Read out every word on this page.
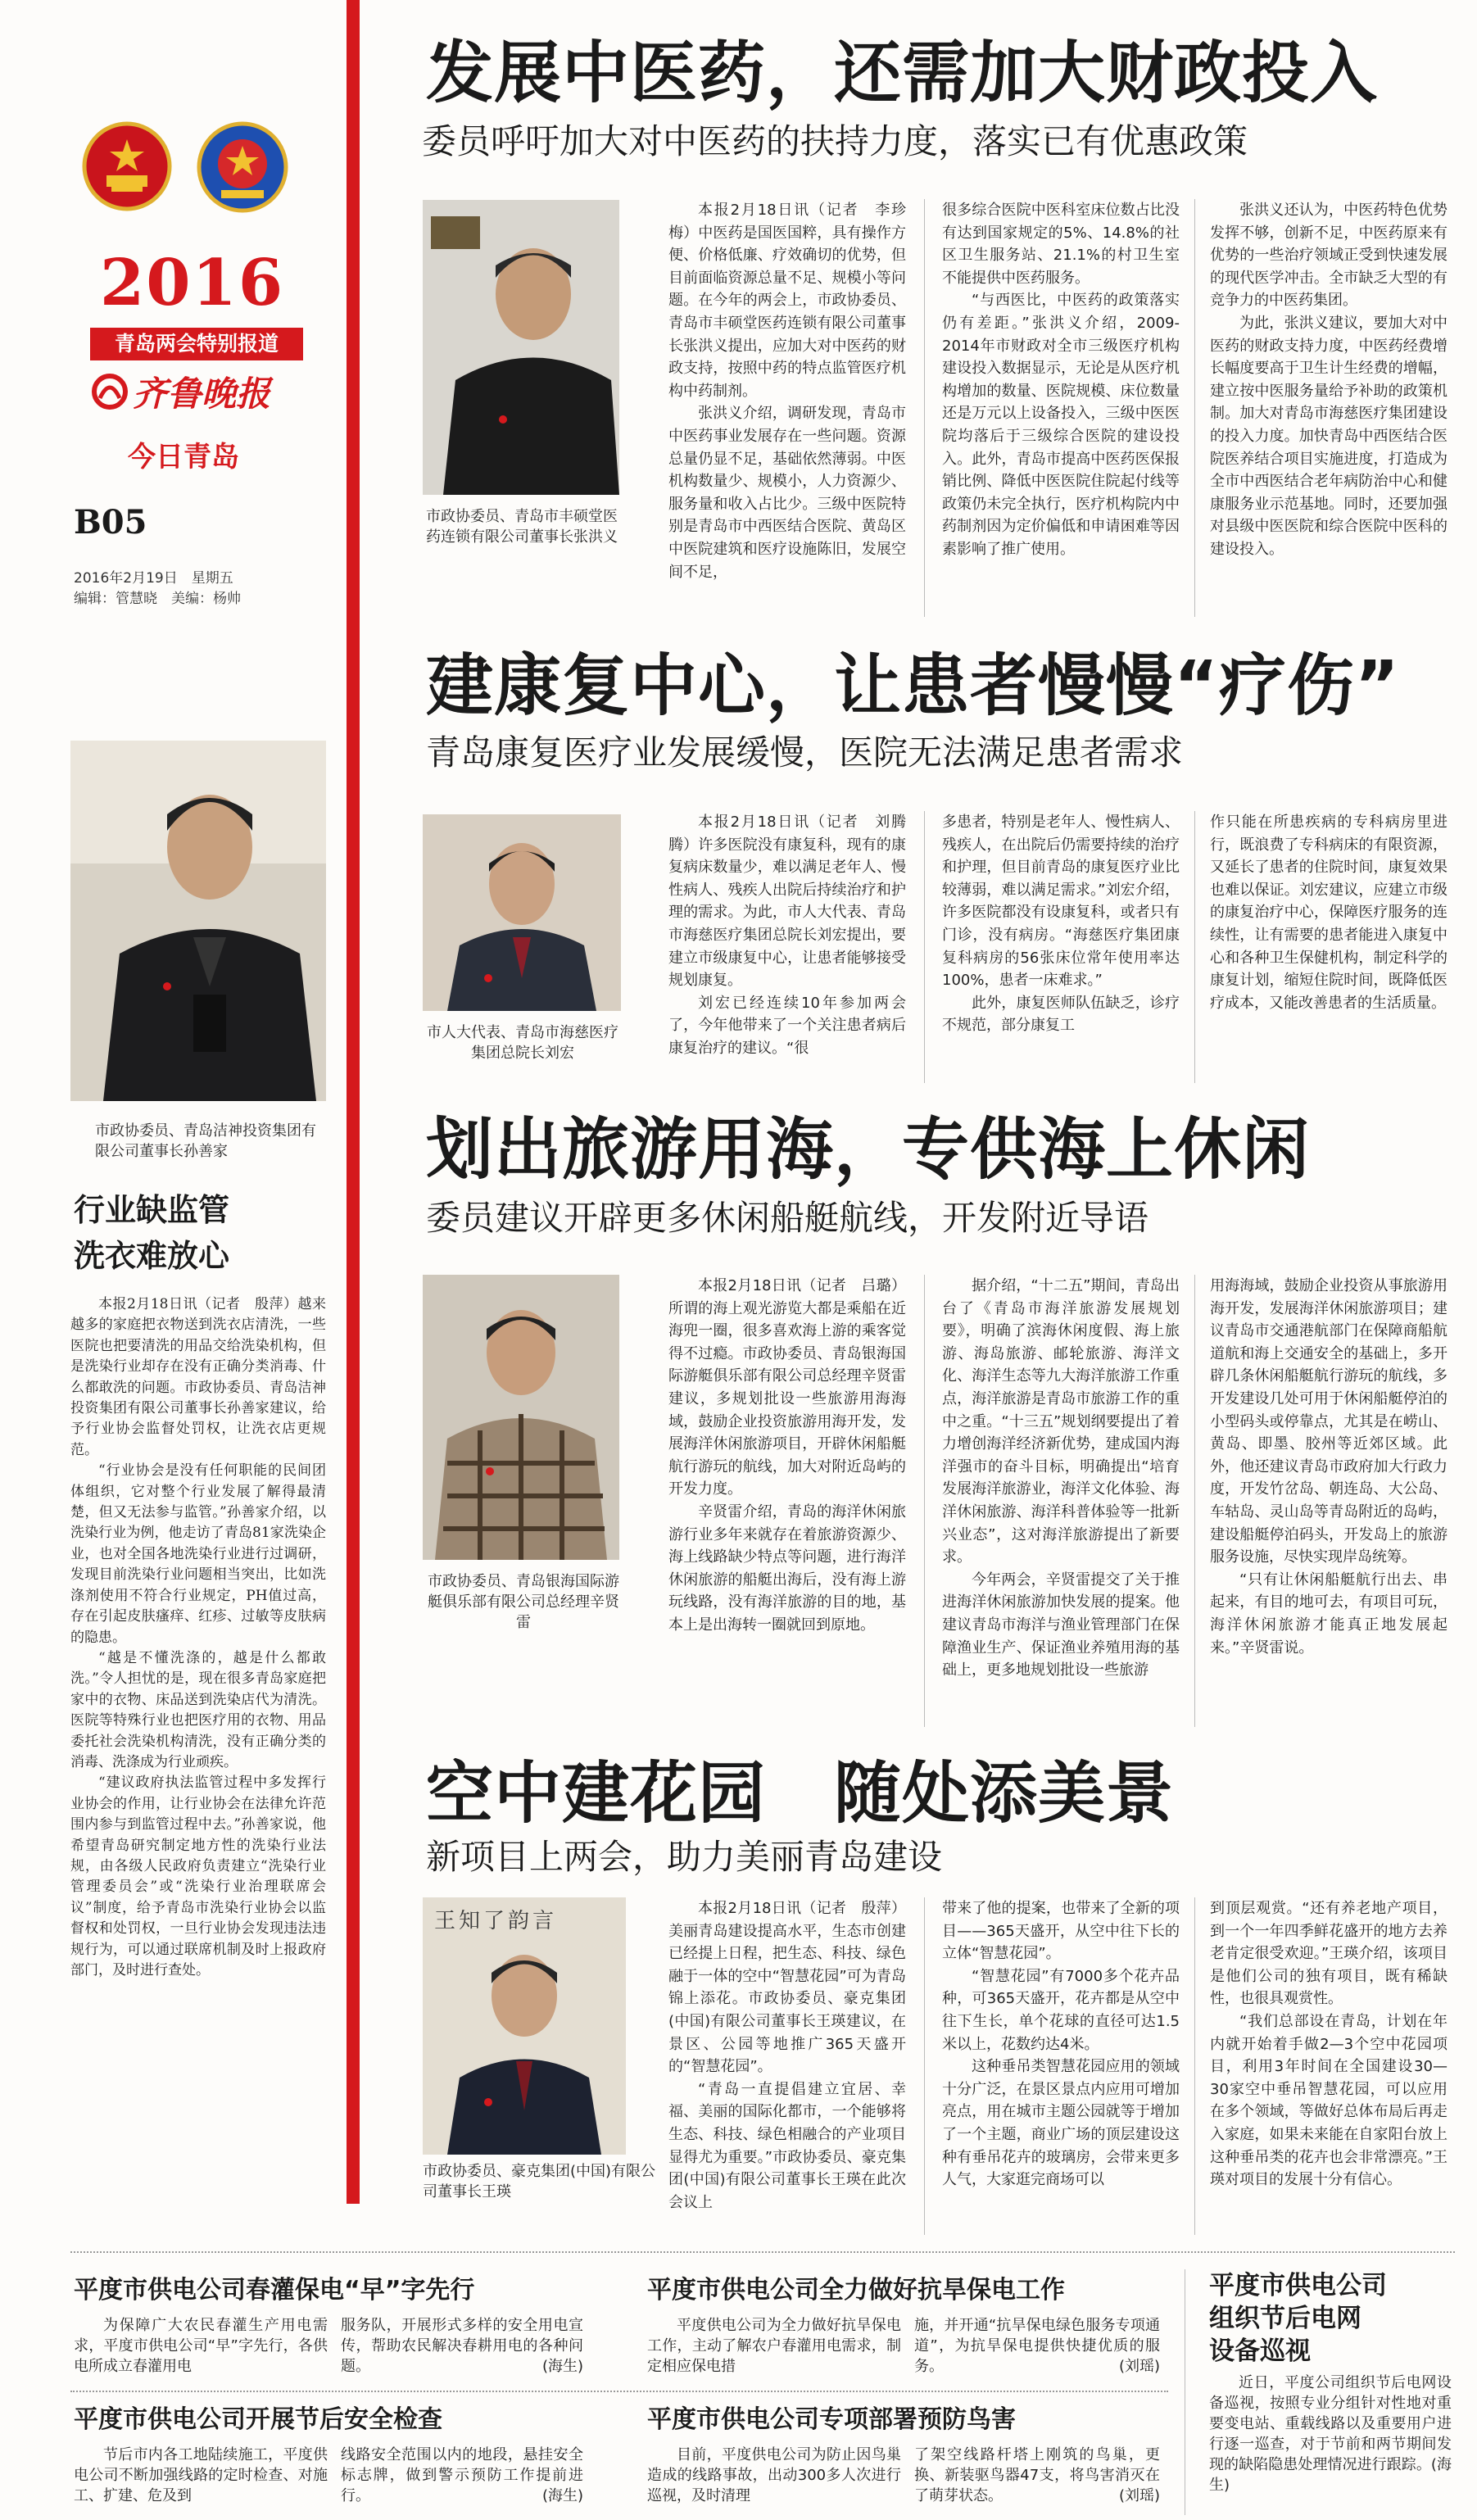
2016
青岛两会特别报道
齐鲁晚报
今日青岛
B05
2016年2月19日　星期五
编辑：管慧晓　美编：杨帅
市政协委员、青岛洁神投资集团有限公司董事长孙善家
行业缺监管
洗衣难放心

本报2月18日讯（记者　殷萍）越来越多的家庭把衣物送到洗衣店清洗，一些医院也把要清洗的用品交给洗染机构，但是洗染行业却存在没有正确分类消毒、什么都敢洗的问题。市政协委员、青岛洁神投资集团有限公司董事长孙善家建议，给予行业协会监督处罚权，让洗衣店更规范。

“行业协会是没有任何职能的民间团体组织，它对整个行业发展了解得最清楚，但又无法参与监管。”孙善家介绍，以洗染行业为例，他走访了青岛81家洗染企业，也对全国各地洗染行业进行过调研，发现目前洗染行业问题相当突出，比如洗涤剂使用不符合行业规定，PH值过高，存在引起皮肤瘙痒、红疹、过敏等皮肤病的隐患。

“越是不懂洗涤的，越是什么都敢洗。”令人担忧的是，现在很多青岛家庭把家中的衣物、床品送到洗染店代为清洗。医院等特殊行业也把医疗用的衣物、用品委托社会洗染机构清洗，没有正确分类的消毒、洗涤成为行业顽疾。

“建议政府执法监管过程中多发挥行业协会的作用，让行业协会在法律允许范围内参与到监管过程中去。”孙善家说，他希望青岛研究制定地方性的洗染行业法规，由各级人民政府负责建立“洗染行业管理委员会”或“洗染行业治理联席会议”制度，给予青岛市洗染行业协会以监督权和处罚权，一旦行业协会发现违法违规行为，可以通过联席机制及时上报政府部门，及时进行查处。

发展中医药，还需加大财政投入
委员呼吁加大对中医药的扶持力度，落实已有优惠政策
市政协委员、青岛市丰硕堂医药连锁有限公司董事长张洪义

本报2月18日讯（记者　李珍梅）中医药是国医国粹，具有操作方便、价格低廉、疗效确切的优势，但目前面临资源总量不足、规模小等问题。在今年的两会上，市政协委员、青岛市丰硕堂医药连锁有限公司董事长张洪义提出，应加大对中医药的财政支持，按照中药的特点监管医疗机构中药制剂。

张洪义介绍，调研发现，青岛市中医药事业发展存在一些问题。资源总量仍显不足，基础依然薄弱。中医机构数量少、规模小，人力资源少、服务量和收入占比少。三级中医院特别是青岛市中西医结合医院、黄岛区中医院建筑和医疗设施陈旧，发展空间不足，

很多综合医院中医科室床位数占比没有达到国家规定的5%、14.8%的社区卫生服务站、21.1%的村卫生室不能提供中医药服务。

“与西医比，中医药的政策落实仍有差距。”张洪义介绍，2009-2014年市财政对全市三级医疗机构建设投入数据显示，无论是从医疗机构增加的数量、医院规模、床位数量还是万元以上设备投入，三级中医医院均落后于三级综合医院的建设投入。此外，青岛市提高中医药医保报销比例、降低中医医院住院起付线等政策仍未完全执行，医疗机构院内中药制剂因为定价偏低和申请困难等因素影响了推广使用。

张洪义还认为，中医药特色优势发挥不够，创新不足，中医药原来有优势的一些治疗领域正受到快速发展的现代医学冲击。全市缺乏大型的有竞争力的中医药集团。

为此，张洪义建议，要加大对中医药的财政支持力度，中医药经费增长幅度要高于卫生计生经费的增幅，建立按中医服务量给予补助的政策机制。加大对青岛市海慈医疗集团建设的投入力度。加快青岛中西医结合医院医养结合项目实施进度，打造成为全市中西医结合老年病防治中心和健康服务业示范基地。同时，还要加强对县级中医医院和综合医院中医科的建设投入。

建康复中心，让患者慢慢“疗伤”
青岛康复医疗业发展缓慢，医院无法满足患者需求
市人大代表、青岛市海慈医疗集团总院长刘宏

本报2月18日讯（记者　刘腾腾）许多医院没有康复科，现有的康复病床数量少，难以满足老年人、慢性病人、残疾人出院后持续治疗和护理的需求。为此，市人大代表、青岛市海慈医疗集团总院长刘宏提出，要建立市级康复中心，让患者能够接受规划康复。

刘宏已经连续10年参加两会了，今年他带来了一个关注患者病后康复治疗的建议。“很

多患者，特别是老年人、慢性病人、残疾人，在出院后仍需要持续的治疗和护理，但目前青岛的康复医疗业比较薄弱，难以满足需求。”刘宏介绍，许多医院都没有设康复科，或者只有门诊，没有病房。“海慈医疗集团康复科病房的56张床位常年使用率达100%，患者一床难求。”

此外，康复医师队伍缺乏，诊疗不规范，部分康复工

作只能在所患疾病的专科病房里进行，既浪费了专科病床的有限资源，又延长了患者的住院时间，康复效果也难以保证。刘宏建议，应建立市级的康复治疗中心，保障医疗服务的连续性，让有需要的患者能进入康复中心和各种卫生保健机构，制定科学的康复计划，缩短住院时间，既降低医疗成本，又能改善患者的生活质量。

划出旅游用海，专供海上休闲
委员建议开辟更多休闲船艇航线，开发附近导语
市政协委员、青岛银海国际游艇俱乐部有限公司总经理辛贤雷

本报2月18日讯（记者　吕璐）所谓的海上观光游览大都是乘船在近海兜一圈，很多喜欢海上游的乘客觉得不过瘾。市政协委员、青岛银海国际游艇俱乐部有限公司总经理辛贤雷建议，多规划批设一些旅游用海海域，鼓励企业投资旅游用海开发，发展海洋休闲旅游项目，开辟休闲船艇航行游玩的航线，加大对附近岛屿的开发力度。

辛贤雷介绍，青岛的海洋休闲旅游行业多年来就存在着旅游资源少、海上线路缺少特点等问题，进行海洋休闲旅游的船艇出海后，没有海上游玩线路，没有海洋旅游的目的地，基本上是出海转一圈就回到原地。

据介绍，“十二五”期间，青岛出台了《青岛市海洋旅游发展规划要》，明确了滨海休闲度假、海上旅游、海岛旅游、邮轮旅游、海洋文化、海洋生态等九大海洋旅游工作重点，海洋旅游是青岛市旅游工作的重中之重。“十三五”规划纲要提出了着力增创海洋经济新优势，建成国内海洋强市的奋斗目标，明确提出“培育发展海洋旅游业，海洋文化体验、海洋休闲旅游、海洋科普体验等一批新兴业态”，这对海洋旅游提出了新要求。

今年两会，辛贤雷提交了关于推进海洋休闲旅游加快发展的提案。他建议青岛市海洋与渔业管理部门在保障渔业生产、保证渔业养殖用海的基础上，更多地规划批设一些旅游

用海海域，鼓励企业投资从事旅游用海开发，发展海洋休闲旅游项目；建议青岛市交通港航部门在保障商船航道航和海上交通安全的基础上，多开辟几条休闲船艇航行游玩的航线，多开发建设几处可用于休闲船艇停泊的小型码头或停靠点，尤其是在崂山、黄岛、即墨、胶州等近郊区域。此外，他还建议青岛市政府加大行政力度，开发竹岔岛、朝连岛、大公岛、车轱岛、灵山岛等青岛附近的岛屿，建设船艇停泊码头，开发岛上的旅游服务设施，尽快实现岸岛统筹。

“只有让休闲船艇航行出去、串起来，有目的地可去，有项目可玩，海洋休闲旅游才能真正地发展起来。”辛贤雷说。

空中建花园　随处添美景
新项目上两会，助力美丽青岛建设
王知了韵言
市政协委员、豪克集团(中国)有限公司董事长王瑛

本报2月18日讯（记者　殷萍）美丽青岛建设提高水平，生态市创建已经提上日程，把生态、科技、绿色融于一体的空中“智慧花园”可为青岛锦上添花。市政协委员、豪克集团(中国)有限公司董事长王瑛建议，在景区、公园等地推广365天盛开的“智慧花园”。

“青岛一直提倡建立宜居、幸福、美丽的国际化都市，一个能够将生态、科技、绿色相融合的产业项目显得尤为重要。”市政协委员、豪克集团(中国)有限公司董事长王瑛在此次会议上

带来了他的提案，也带来了全新的项目——365天盛开，从空中往下长的立体“智慧花园”。

“智慧花园”有7000多个花卉品种，可365天盛开，花卉都是从空中往下生长，单个花球的直径可达1.5米以上，花数约达4米。

这种垂吊类智慧花园应用的领域十分广泛，在景区景点内应用可增加亮点，用在城市主题公园就等于增加了一个主题，商业广场的顶层建设这种有垂吊花卉的玻璃房，会带来更多人气，大家逛完商场可以

到顶层观赏。“还有养老地产项目，到一个一年四季鲜花盛开的地方去养老肯定很受欢迎。”王瑛介绍，该项目是他们公司的独有项目，既有稀缺性，也很具观赏性。

“我们总部设在青岛，计划在年内就开始着手做2—3个空中花园项目，利用3年时间在全国建设30—30家空中垂吊智慧花园，可以应用在多个领域，等做好总体布局后再走入家庭，如果未来能在自家阳台放上这种垂吊类的花卉也会非常漂亮。”王瑛对项目的发展十分有信心。

平度市供电公司春灌保电“早”字先行

为保障广大农民春灌生产用电需求，平度市供电公司“早”字先行，各供电所成立春灌用电

服务队，开展形式多样的安全用电宣传，帮助农民解决春耕用电的各种问题。	(海生)
平度市供电公司全力做好抗旱保电工作

平度供电公司为全力做好抗旱保电工作，主动了解农户春灌用电需求，制定相应保电措

施，并开通“抗旱保电绿色服务专项通道”，为抗旱保电提供快捷优质的服务。	(刘瑶)
平度市供电公司开展节后安全检查

节后市内各工地陆续施工，平度供电公司不断加强线路的定时检查、对施工、扩建、危及到

线路安全范围以内的地段，悬挂安全标志牌，做到警示预防工作提前进行。	(海生)
平度市供电公司专项部署预防鸟害

目前，平度供电公司为防止因鸟巢造成的线路事故，出动300多人次进行巡视，及时清理

了架空线路杆塔上刚筑的鸟巢，更换、新装驱鸟器47支，将鸟害消灭在了萌芽状态。	(刘瑶)
平度市供电公司
组织节后电网
设备巡视

近日，平度公司组织节后电网设备巡视，按照专业分组针对性地对重要变电站、重载线路以及重要用户进行逐一巡查，对于节前和两节期间发现的缺陷隐患处理情况进行跟踪。(海生)
